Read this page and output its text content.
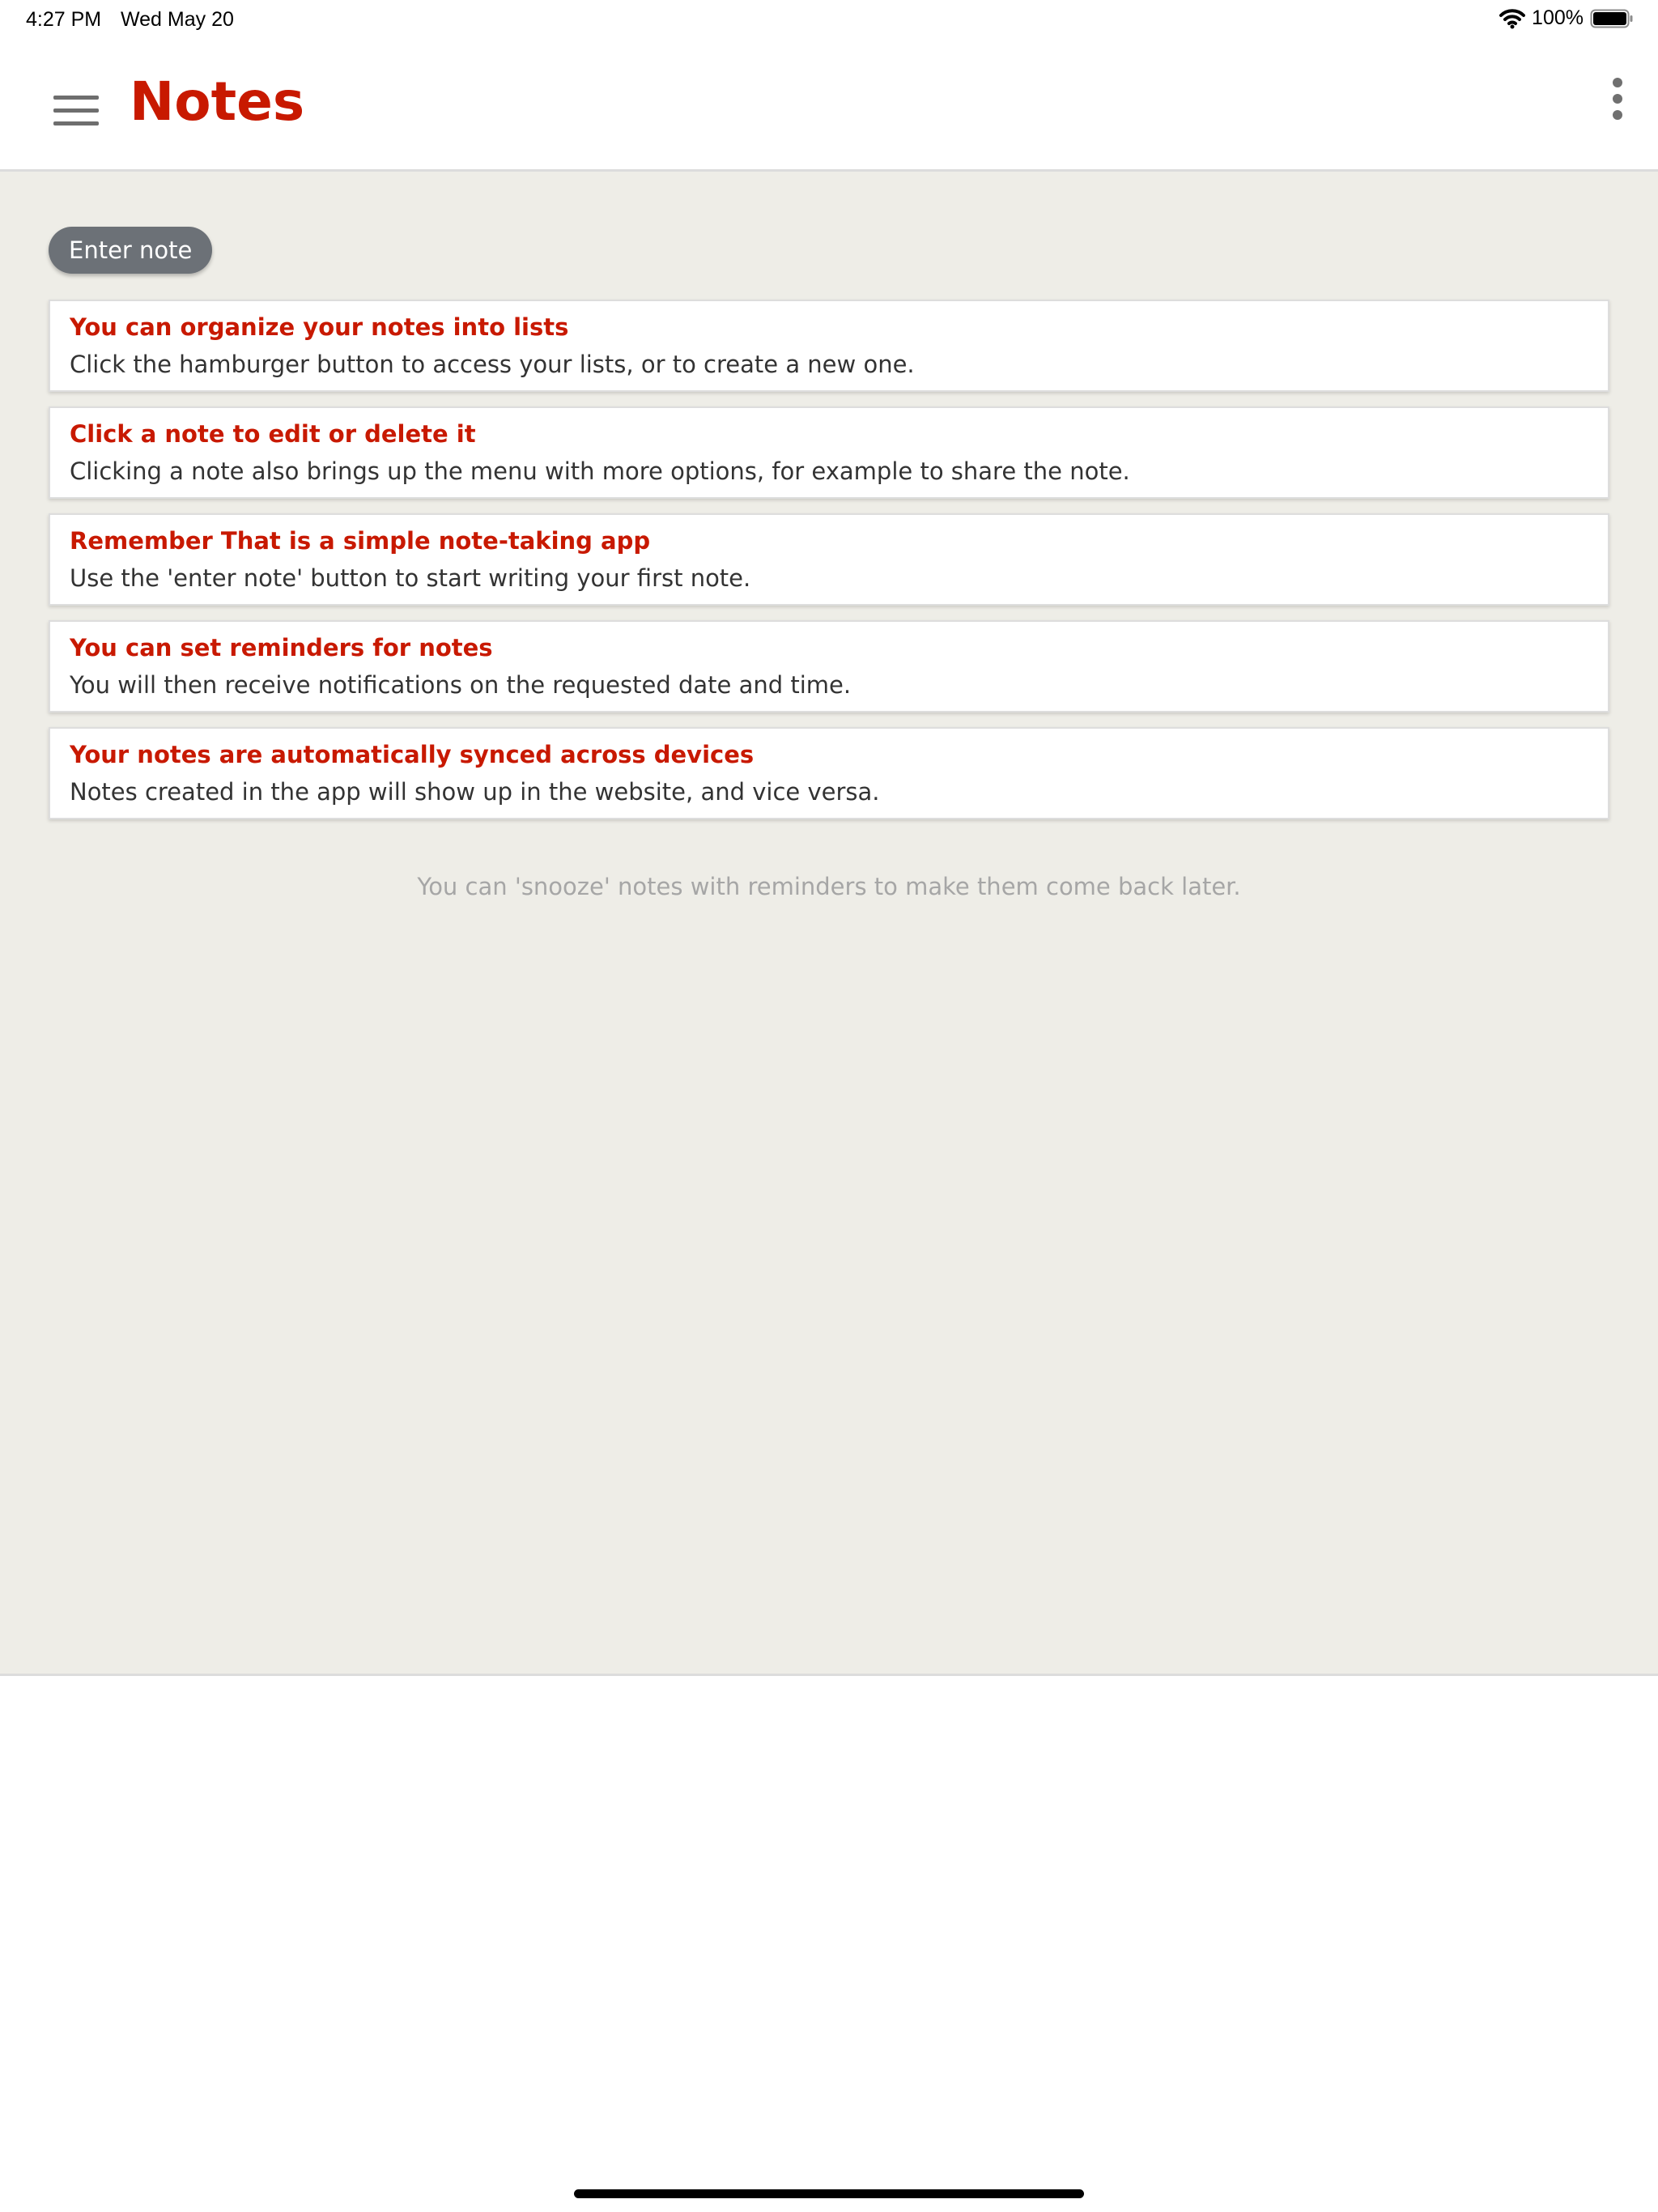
4:27 PM Wed May 20	100%
Notes
Enter note
You can organize your notes into lists
Click the hamburger button to access your lists, or to create a new one.
Click a note to edit or delete it
Clicking a note also brings up the menu with more options, for example to share the note.
Remember That is a simple note-taking app
Use the 'enter note' button to start writing your first note.
You can set reminders for notes
You will then receive notifications on the requested date and time.
Your notes are automatically synced across devices
Notes created in the app will show up in the website, and vice versa.
You can 'snooze' notes with reminders to make them come back later.
